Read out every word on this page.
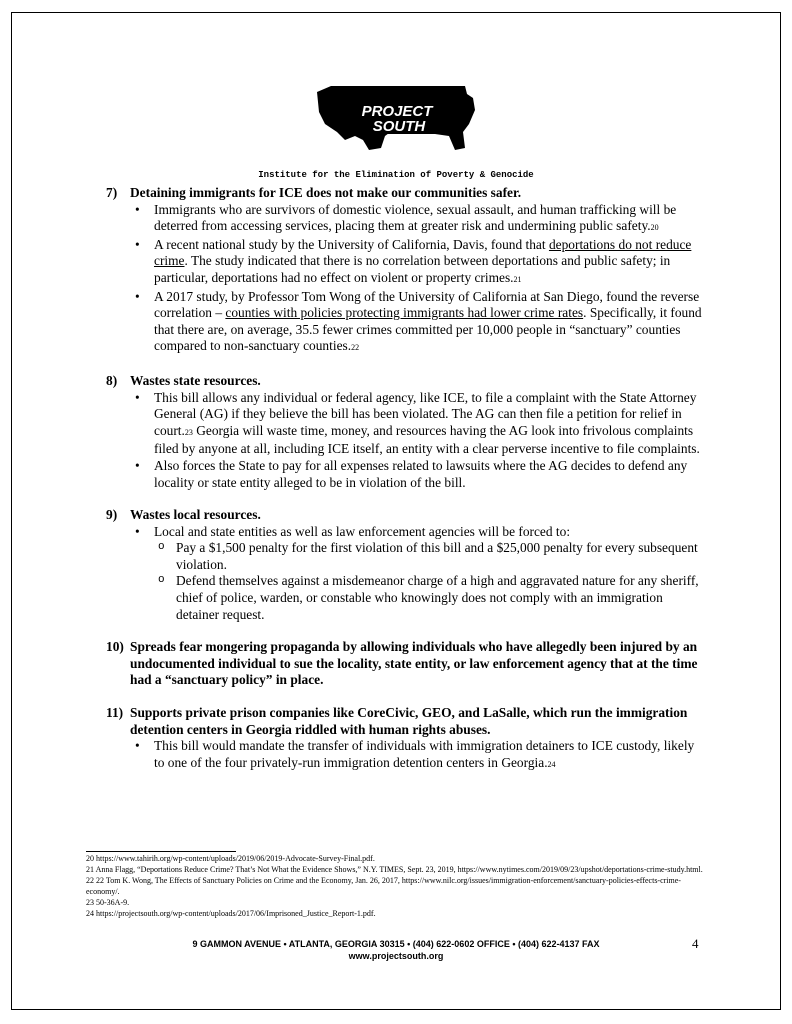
PROJECT
SOUTH
Institute for the Elimination of Poverty & Genocide
7) Detaining immigrants for ICE does not make our communities safer.
• Immigrants who are survivors of domestic violence, sexual assault, and human trafficking will be deterred from accessing services, placing them at greater risk and undermining public safety.20
• A recent national study by the University of California, Davis, found that deportations do not reduce crime. The study indicated that there is no correlation between deportations and public safety; in particular, deportations had no effect on violent or property crimes.21
• A 2017 study, by Professor Tom Wong of the University of California at San Diego, found the reverse correlation – counties with policies protecting immigrants had lower crime rates. Specifically, it found that there are, on average, 35.5 fewer crimes committed per 10,000 people in “sanctuary” counties compared to non-sanctuary counties.22
8) Wastes state resources.
• This bill allows any individual or federal agency, like ICE, to file a complaint with the State Attorney General (AG) if they believe the bill has been violated. The AG can then file a petition for relief in court.23 Georgia will waste time, money, and resources having the AG look into frivolous complaints filed by anyone at all, including ICE itself, an entity with a clear perverse incentive to file complaints.
• Also forces the State to pay for all expenses related to lawsuits where the AG decides to defend any locality or state entity alleged to be in violation of the bill.
9) Wastes local resources.
• Local and state entities as well as law enforcement agencies will be forced to:
o Pay a $1,500 penalty for the first violation of this bill and a $25,000 penalty for every subsequent violation.
o Defend themselves against a misdemeanor charge of a high and aggravated nature for any sheriff, chief of police, warden, or constable who knowingly does not comply with an immigration detainer request.
10) Spreads fear mongering propaganda by allowing individuals who have allegedly been injured by an undocumented individual to sue the locality, state entity, or law enforcement agency that at the time had a “sanctuary policy” in place.
11) Supports private prison companies like CoreCivic, GEO, and LaSalle, which run the immigration detention centers in Georgia riddled with human rights abuses.
• This bill would mandate the transfer of individuals with immigration detainers to ICE custody, likely to one of the four privately-run immigration detention centers in Georgia.24

20 https://www.tahirih.org/wp-content/uploads/2019/06/2019-Advocate-Survey-Final.pdf.

21 Anna Flagg, “Deportations Reduce Crime? That’s Not What the Evidence Shows,” N.Y. TIMES, Sept. 23, 2019, https://www.nytimes.com/2019/09/23/upshot/deportations-crime-study.html.

22 22 Tom K. Wong, The Effects of Sanctuary Policies on Crime and the Economy, Jan. 26, 2017, https://www.nilc.org/issues/immigration-enforcement/sanctuary-policies-effects-crime-economy/.

23 50-36A-9.

24 https://projectsouth.org/wp-content/uploads/2017/06/Imprisoned_Justice_Report-1.pdf.

9 GAMMON AVENUE • ATLANTA, GEORGIA 30315 • (404) 622-0602 OFFICE • (404) 622-4137 FAX
www.projectsouth.org
4
